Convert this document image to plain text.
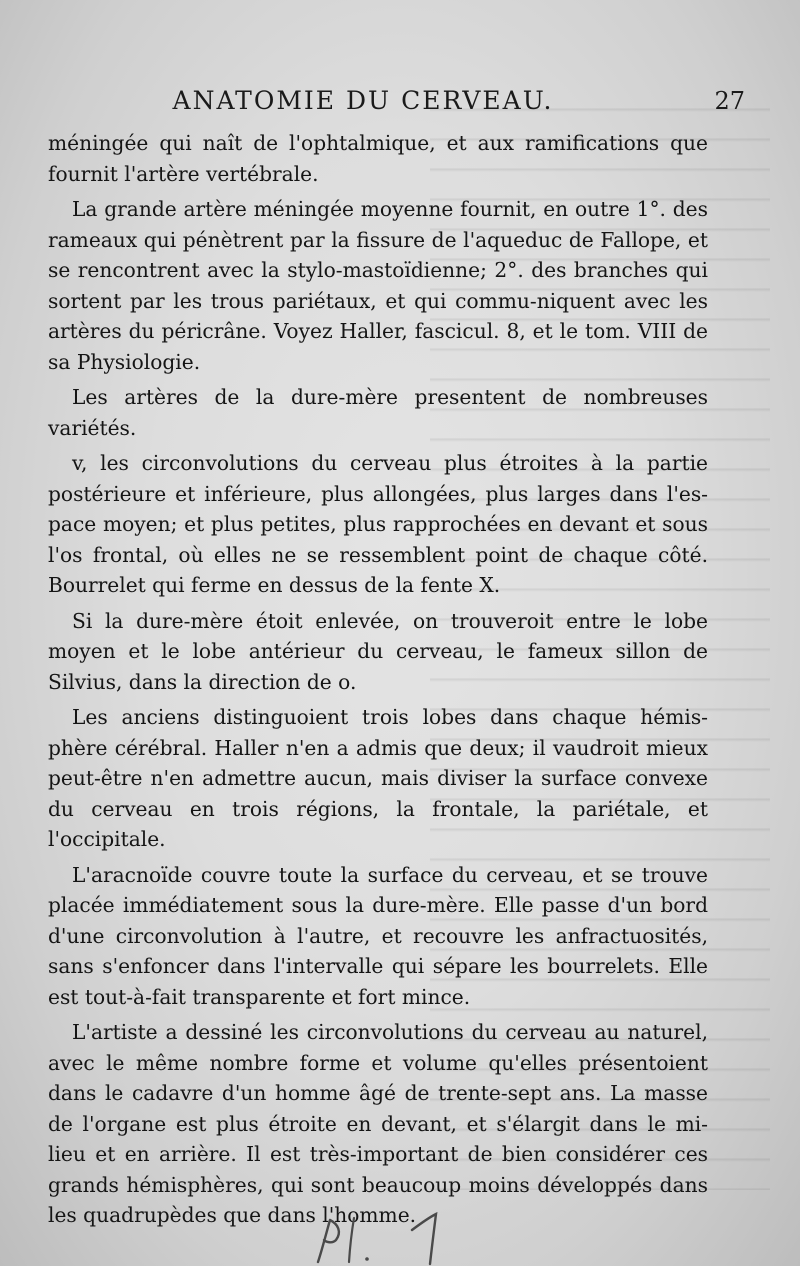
ANATOMIE DU CERVEAU.	27

méningée qui naît de l'ophtalmique, et aux ramifications que fournit l'artère vertébrale.

La grande artère méningée moyenne fournit, en outre 1°. des rameaux qui pénètrent par la fissure de l'aqueduc de Fallope, et se rencontrent avec la stylo-mastoïdienne; 2°. des branches qui sortent par les trous pariétaux, et qui commu-niquent avec les artères du péricrâne. Voyez Haller, fascicul. 8, et le tom. VIII de sa Physiologie.

Les artères de la dure-mère presentent de nombreuses variétés.

v, les circonvolutions du cerveau plus étroites à la partie postérieure et inférieure, plus allongées, plus larges dans l'es-pace moyen; et plus petites, plus rapprochées en devant et sous l'os frontal, où elles ne se ressemblent point de chaque côté. Bourrelet qui ferme en dessus de la fente X.

Si la dure-mère étoit enlevée, on trouveroit entre le lobe moyen et le lobe antérieur du cerveau, le fameux sillon de Silvius, dans la direction de o.

Les anciens distinguoient trois lobes dans chaque hémis-phère cérébral. Haller n'en a admis que deux; il vaudroit mieux peut-être n'en admettre aucun, mais diviser la surface convexe du cerveau en trois régions, la frontale, la pariétale, et l'occipitale.

L'aracnoïde couvre toute la surface du cerveau, et se trouve placée immédiatement sous la dure-mère. Elle passe d'un bord d'une circonvolution à l'autre, et recouvre les anfractuosités, sans s'enfoncer dans l'intervalle qui sépare les bourrelets. Elle est tout-à-fait transparente et fort mince.

L'artiste a dessiné les circonvolutions du cerveau au naturel, avec le même nombre forme et volume qu'elles présentoient dans le cadavre d'un homme âgé de trente-sept ans. La masse de l'organe est plus étroite en devant, et s'élargit dans le mi-lieu et en arrière. Il est très-important de bien considérer ces grands hémisphères, qui sont beaucoup moins développés dans les quadrupèdes que dans l'homme.
